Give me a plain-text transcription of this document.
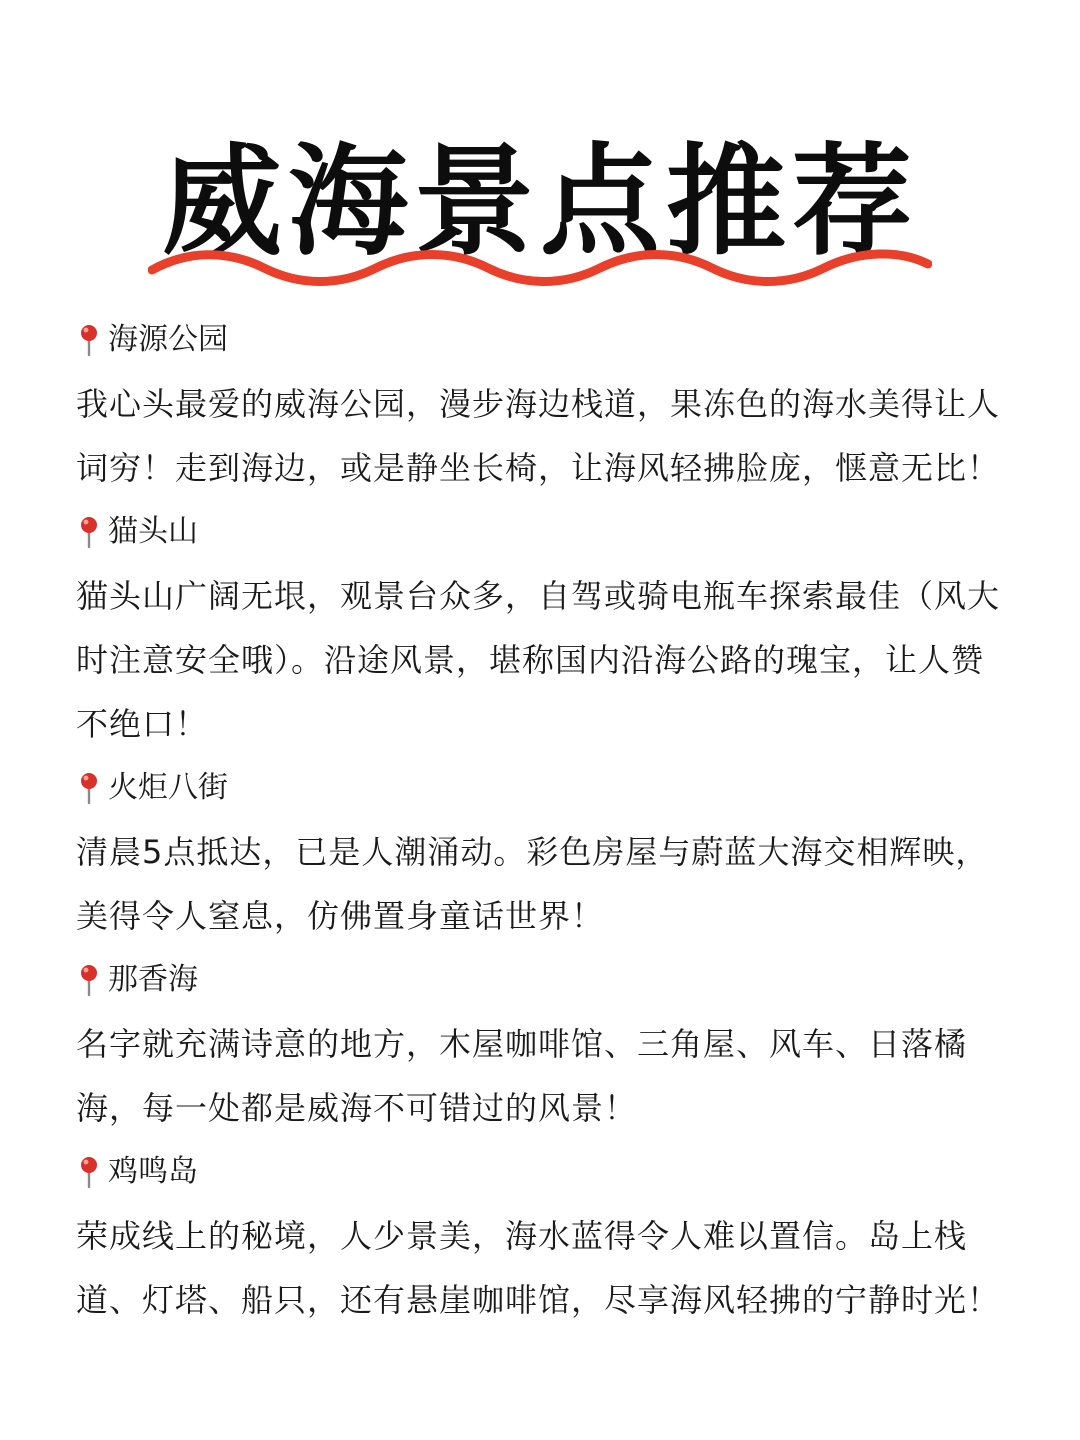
威海景点推荐
海源公园

我心头最爱的威海公园，漫步海边栈道，果冻色的海水美得让人词穷！走到海边，或是静坐长椅，让海风轻拂脸庞，惬意无比！

猫头山

猫头山广阔无垠，观景台众多，自驾或骑电瓶车探索最佳（风大时注意安全哦）。沿途风景，堪称国内沿海公路的瑰宝，让人赞不绝口！

火炬八街

清晨5点抵达，已是人潮涌动。彩色房屋与蔚蓝大海交相辉映，美得令人窒息，仿佛置身童话世界！

那香海

名字就充满诗意的地方，木屋咖啡馆、三角屋、风车、日落橘海，每一处都是威海不可错过的风景！

鸡鸣岛

荣成线上的秘境，人少景美，海水蓝得令人难以置信。岛上栈道、灯塔、船只，还有悬崖咖啡馆，尽享海风轻拂的宁静时光！
